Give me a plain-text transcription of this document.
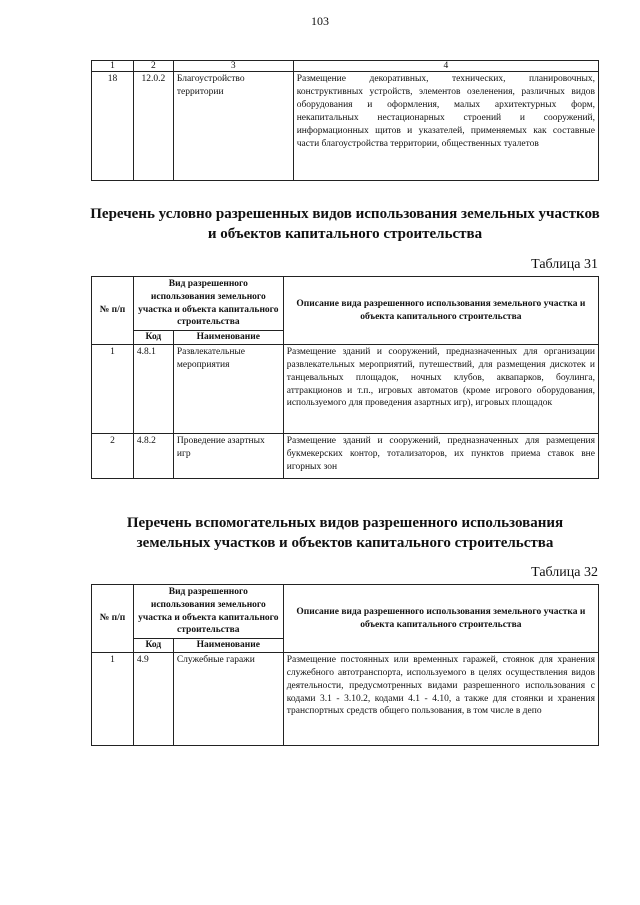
103
1	2	3	4
18	12.0.2	Благоустройство территории	Размещение декоративных, технических, планировочных, конструктивных устройств, элементов озеленения, различных видов оборудования и оформления, малых архитектурных форм, некапитальных нестационарных строений и сооружений, информационных щитов и указателей, применяемых как составные части благоустройства территории, общественных туалетов
Перечень условно разрешенных видов использования земельных участков и объектов капитального строительства
Таблица 31
№ п/п	Вид разрешенного использования земельного участка и объекта капитального строительства		Описание вида разрешенного использования земельного участка и объекта капитального строительства
	Код	Наименование	
1	4.8.1	Развлекательные мероприятия	Размещение зданий и сооружений, предназначенных для организации развлекательных мероприятий, путешествий, для размещения дискотек и танцевальных площадок, ночных клубов, аквапарков, боулинга, аттракционов и т.п., игровых автоматов (кроме игрового оборудования, используемого для проведения азартных игр), игровых площадок
2	4.8.2	Проведение азартных игр	Размещение зданий и сооружений, предназначенных для размещения букмекерских контор, тотализаторов, их пунктов приема ставок вне игорных зон
Перечень вспомогательных видов разрешенного использования земельных участков и объектов капитального строительства
Таблица 32
№ п/п	Вид разрешенного использования земельного участка и объекта капитального строительства		Описание вида разрешенного использования земельного участка и объекта капитального строительства
	Код	Наименование	
1	4.9	Служебные гаражи	Размещение постоянных или временных гаражей, стоянок для хранения служебного автотранспорта, используемого в целях осуществления видов деятельности, предусмотренных видами разрешенного использования с кодами 3.1 - 3.10.2, кодами 4.1 - 4.10, а также для стоянки и хранения транспортных средств общего пользования, в том числе в депо
